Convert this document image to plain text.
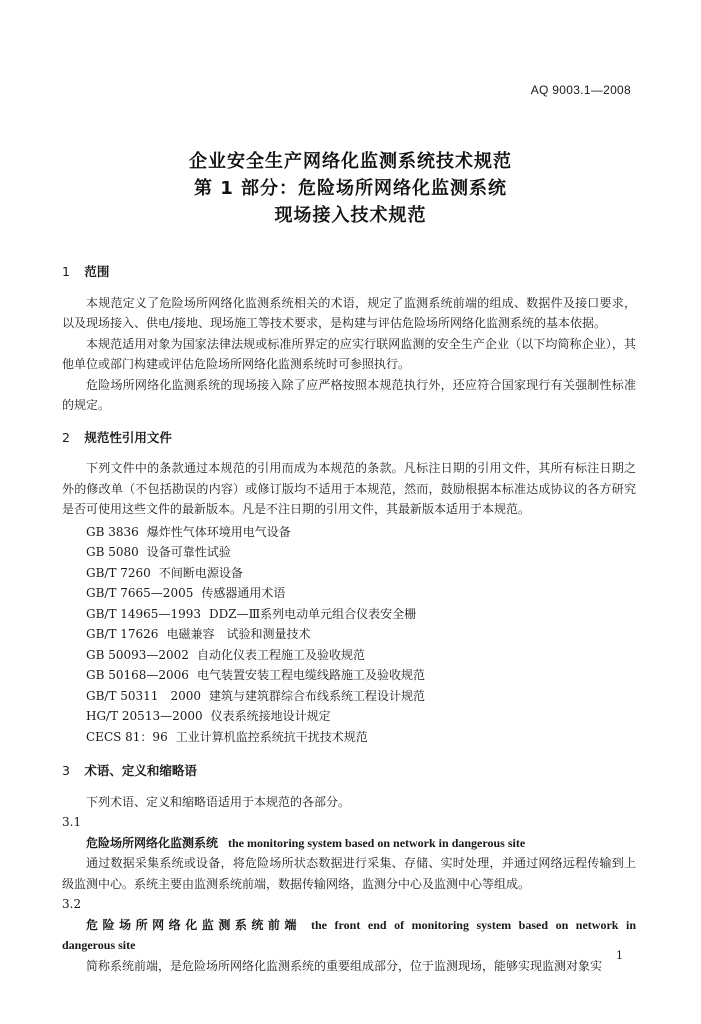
AQ 9003.1—2008
企业安全生产网络化监测系统技术规范
第 1 部分：危险场所网络化监测系统
现场接入技术规范
1 范围

本规范定义了危险场所网络化监测系统相关的术语，规定了监测系统前端的组成、数据件及接口要求，以及现场接入、供电/接地、现场施工等技术要求，是构建与评估危险场所网络化监测系统的基本依据。

本规范适用对象为国家法律法规或标准所界定的应实行联网监测的安全生产企业（以下均简称企业），其他单位或部门构建或评估危险场所网络化监测系统时可参照执行。

危险场所网络化监测系统的现场接入除了应严格按照本规范执行外，还应符合国家现行有关强制性标准的规定。

2 规范性引用文件

下列文件中的条款通过本规范的引用而成为本规范的条款。凡标注日期的引用文件，其所有标注日期之外的修改单（不包括勘误的内容）或修订版均不适用于本规范，然而，鼓励根据本标准达成协议的各方研究是否可使用这些文件的最新版本。凡是不注日期的引用文件，其最新版本适用于本规范。

GB 3836 爆炸性气体环境用电气设备
GB 5080 设备可靠性试验
GB/T 7260 不间断电源设备
GB/T 7665—2005 传感器通用术语
GB/T 14965—1993 DDZ—Ⅲ系列电动单元组合仪表安全栅
GB/T 17626 电磁兼容　试验和测量技术
GB 50093—2002 自动化仪表工程施工及验收规范
GB 50168—2006 电气装置安装工程电缆线路施工及验收规范
GB/T 50311　2000 建筑与建筑群综合布线系统工程设计规范
HG/T 20513—2000 仪表系统接地设计规定
CECS 81：96 工业计算机监控系统抗干扰技术规范
3 术语、定义和缩略语

下列术语、定义和缩略语适用于本规范的各部分。

3.1

危险场所网络化监测系统 the monitoring system based on network in dangerous site

通过数据采集系统或设备，将危险场所状态数据进行采集、存储、实时处理，并通过网络远程传输到上级监测中心。系统主要由监测系统前端，数据传输网络，监测分中心及监测中心等组成。

3.2

危险场所网络化监测系统前端 the front end of monitoring system based on network in

dangerous site

简称系统前端，是危险场所网络化监测系统的重要组成部分，位于监测现场，能够实现监测对象实

1
